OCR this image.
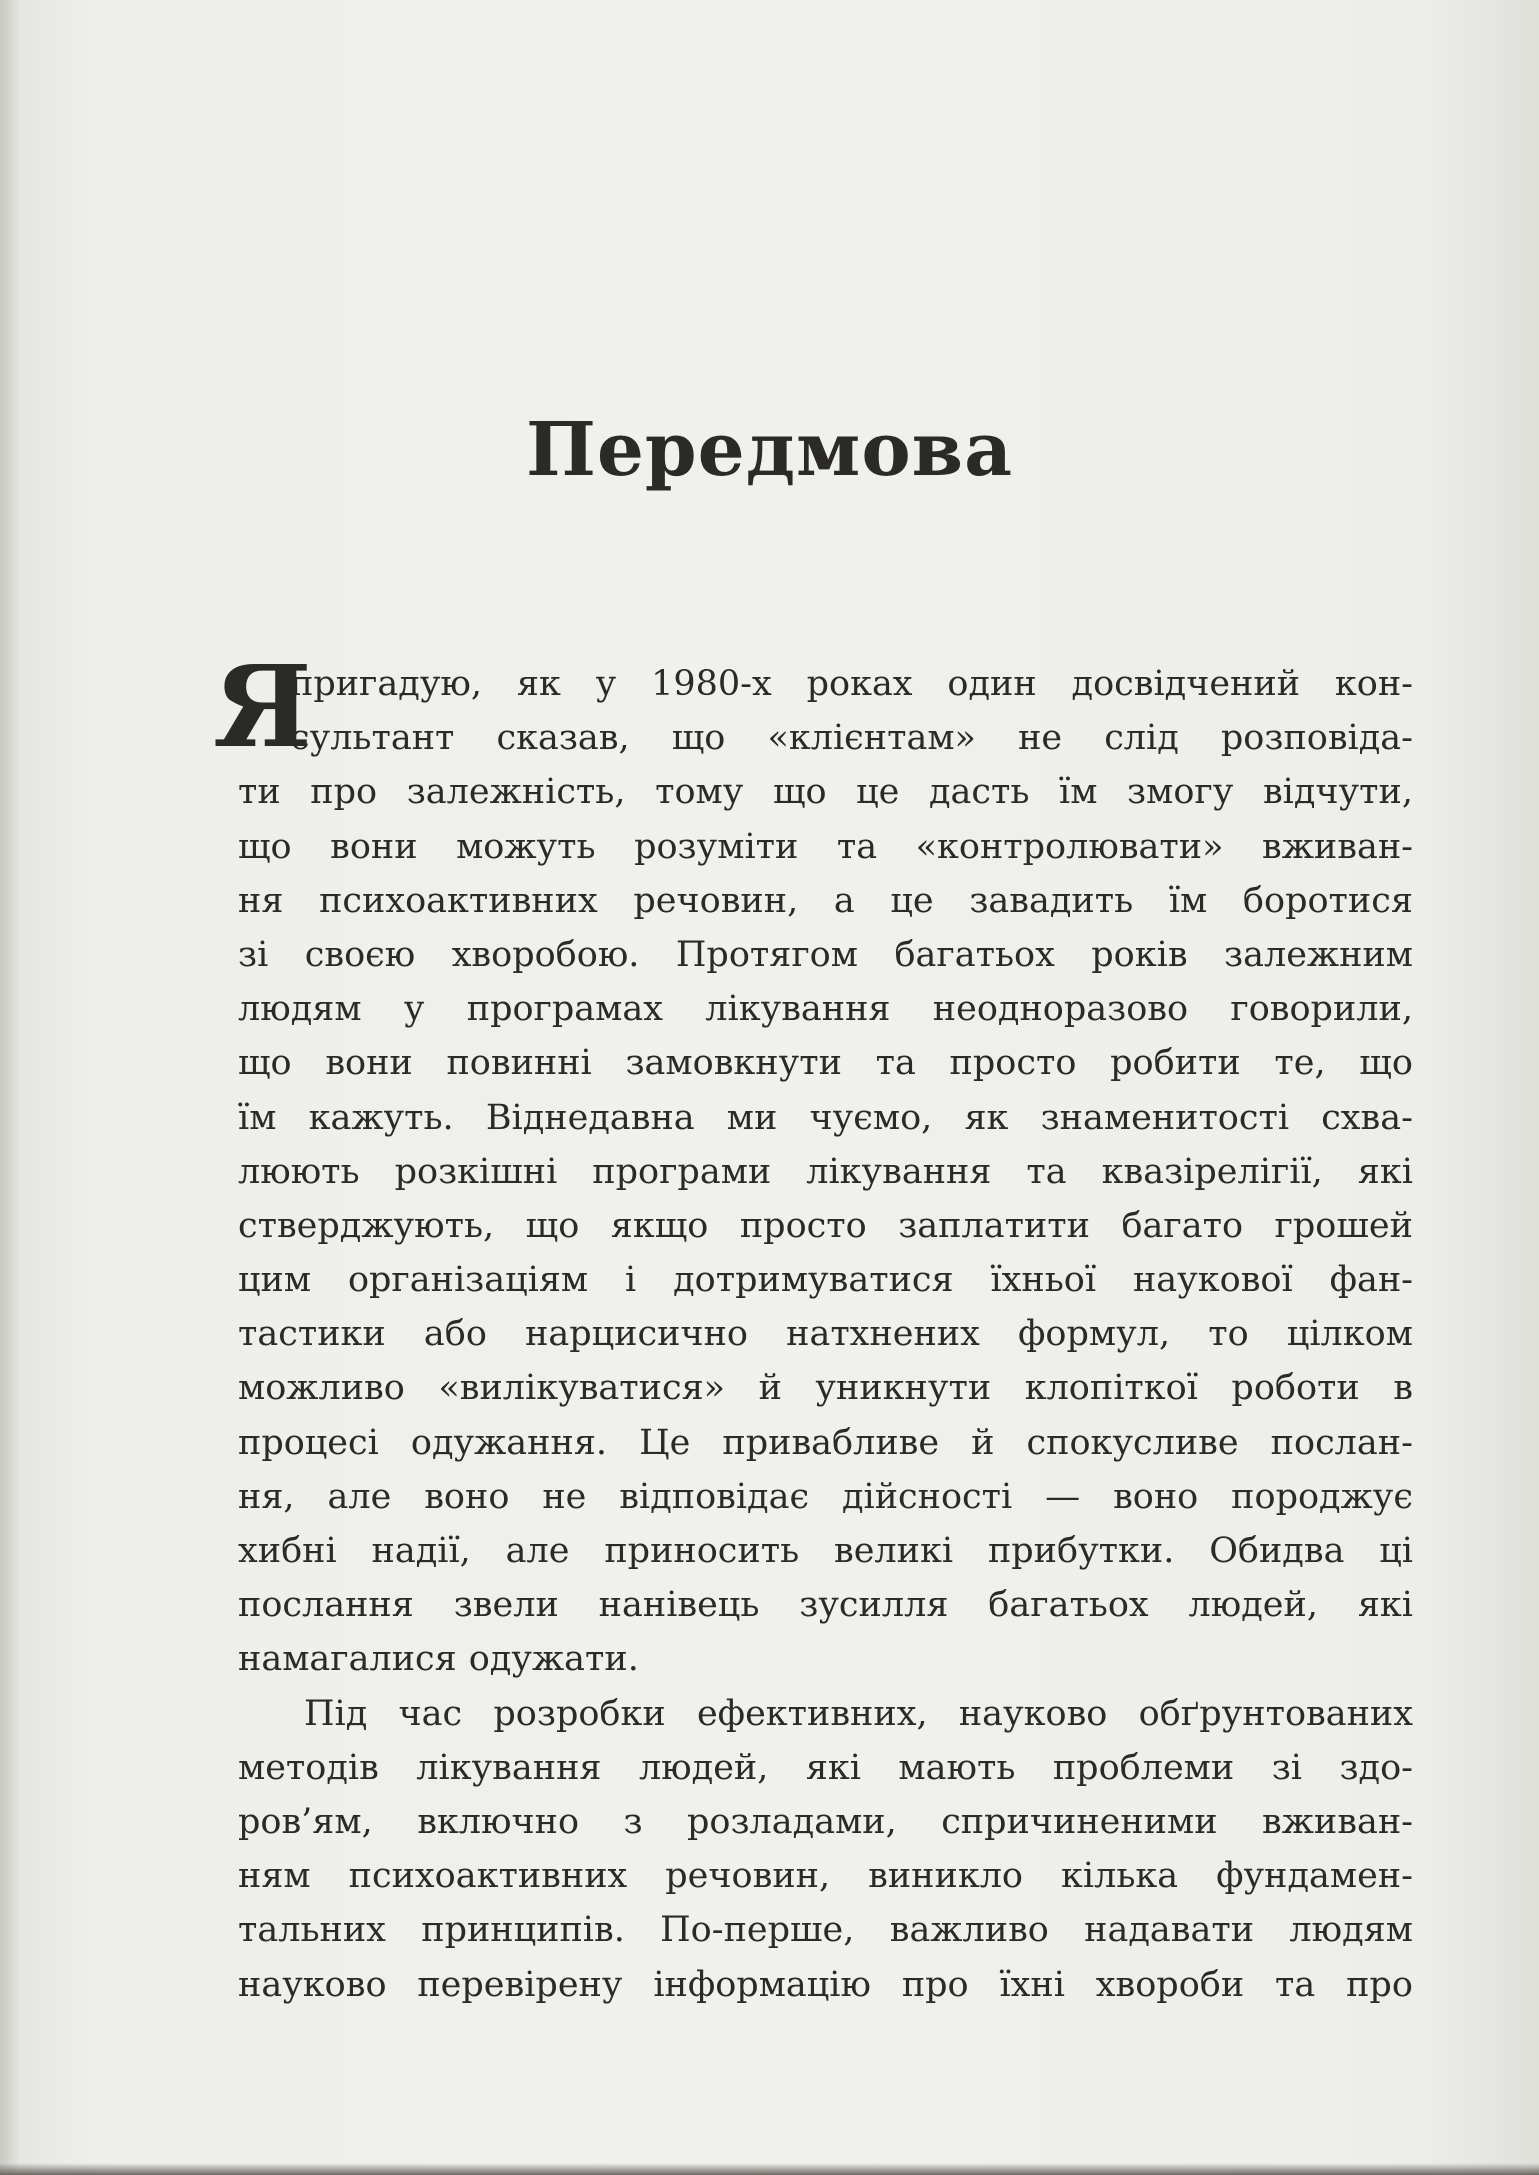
Передмова
Я
пригадую, як у 1980-х роках один досвідчений кон-
сультант сказав, що «клієнтам» не слід розповіда-
ти про залежність, тому що це дасть їм змогу відчути,
що вони можуть розуміти та «контролювати» вживан-
ня психоактивних речовин, а це завадить їм боротися
зі своєю хворобою. Протягом багатьох років залежним
людям у програмах лікування неодноразово говорили,
що вони повинні замовкнути та просто робити те, що
їм кажуть. Віднедавна ми чуємо, як знаменитості схва-
люють розкішні програми лікування та квазірелігії, які
стверджують, що якщо просто заплатити багато грошей
цим організаціям і дотримуватися їхньої наукової фан-
тастики або нарцисично натхнених формул, то цілком
можливо «вилікуватися» й уникнути клопіткої роботи в
процесі одужання. Це привабливе й спокусливе послан-
ня, але воно не відповідає дійсності — воно породжує
хибні надії, але приносить великі прибутки. Обидва ці
послання звели нанівець зусилля багатьох людей, які
намагалися одужати.
Під час розробки ефективних, науково обґрунтованих
методів лікування людей, які мають проблеми зі здо-
ров’ям, включно з розладами, спричиненими вживан-
ням психоактивних речовин, виникло кілька фундамен-
тальних принципів. По-перше, важливо надавати людям
науково перевірену інформацію про їхні хвороби та про
